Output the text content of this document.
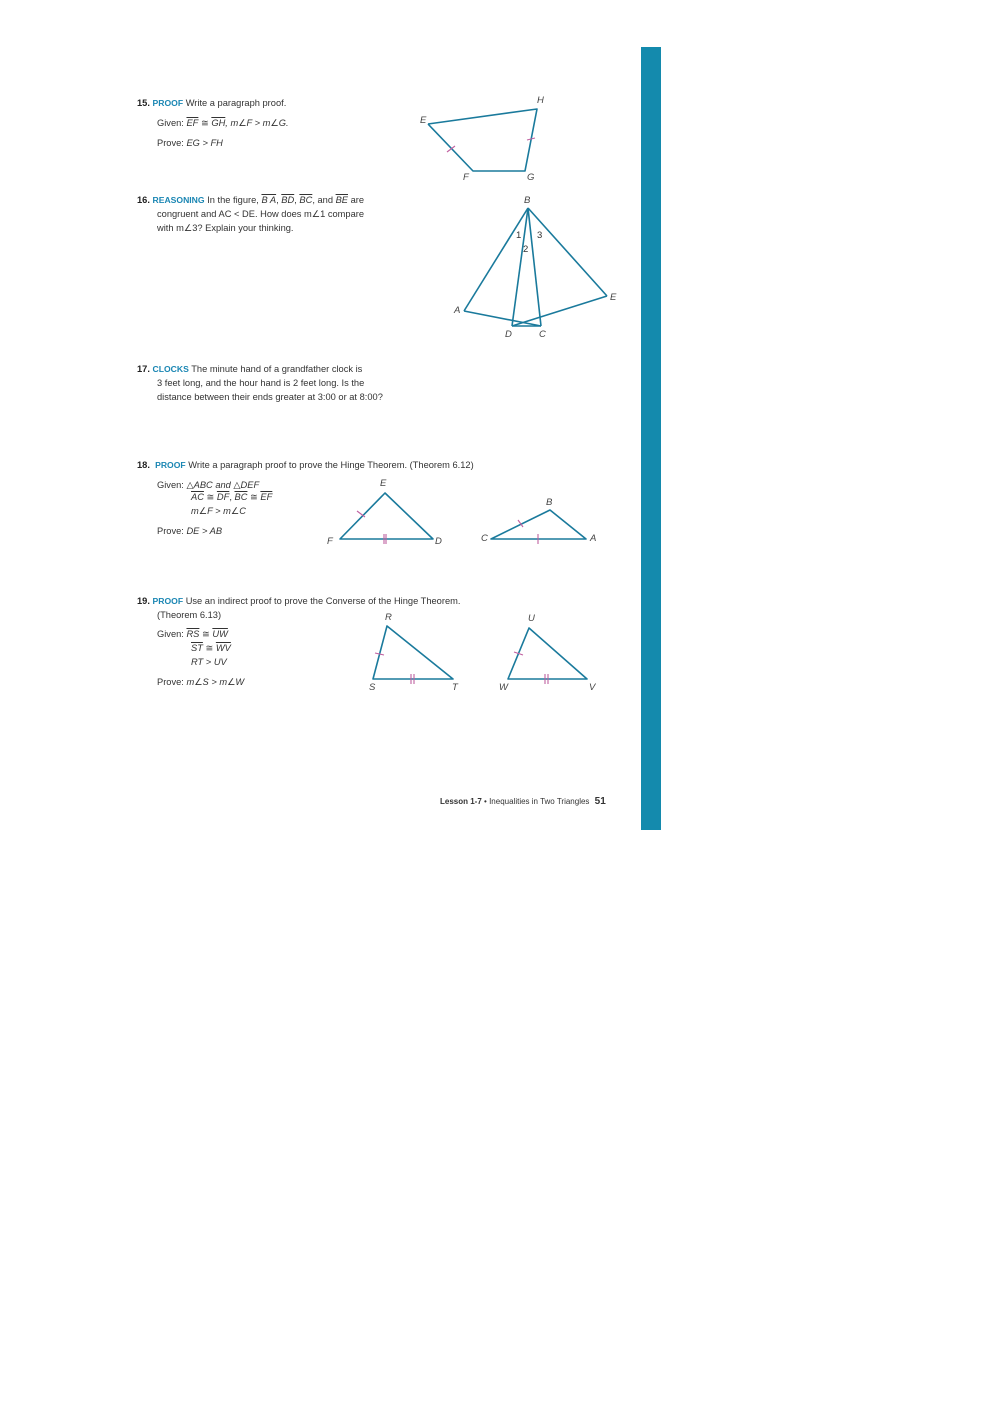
15. PROOF Write a paragraph proof.
Given: $\overline{EF}$ ≅ $\overline{GH}$, m∠F > m∠G.
Prove: EG > FH
16. REASONING In the figure, B A, $\overline{BD}$, $\overline{BC}$, and $\overline{BE}$ are
congruent and AC < DE. How does m∠1 compare
with m∠3? Explain your thinking.
17. CLOCKS The minute hand of a grandfather clock is
3 feet long, and the hour hand is 2 feet long. Is the
distance between their ends greater at 3:00 or at 8:00?
18. PROOF Write a paragraph proof to prove the Hinge Theorem. (Theorem 6.12)
Given: △ABC and △DEF
$\overline{AC}$ ≅ $\overline{DF}$, $\overline{BC}$ ≅ $\overline{EF}$
m∠F > m∠C
Prove: DE > AB
19. PROOF Use an indirect proof to prove the Converse of the Hinge Theorem.
(Theorem 6.13)
Given: $\overline{RS}$ ≅ $\overline{UW}$
$\overline{ST}$ ≅ $\overline{WV}$
RT > UV
Prove: m∠S > m∠W
E
H
F	G
B
A
D	C
E
1
2
3
E
F	D
B
C	A
R	U
S	T	W	V
Lesson 1-7 • Inequalities in Two Triangles 51
